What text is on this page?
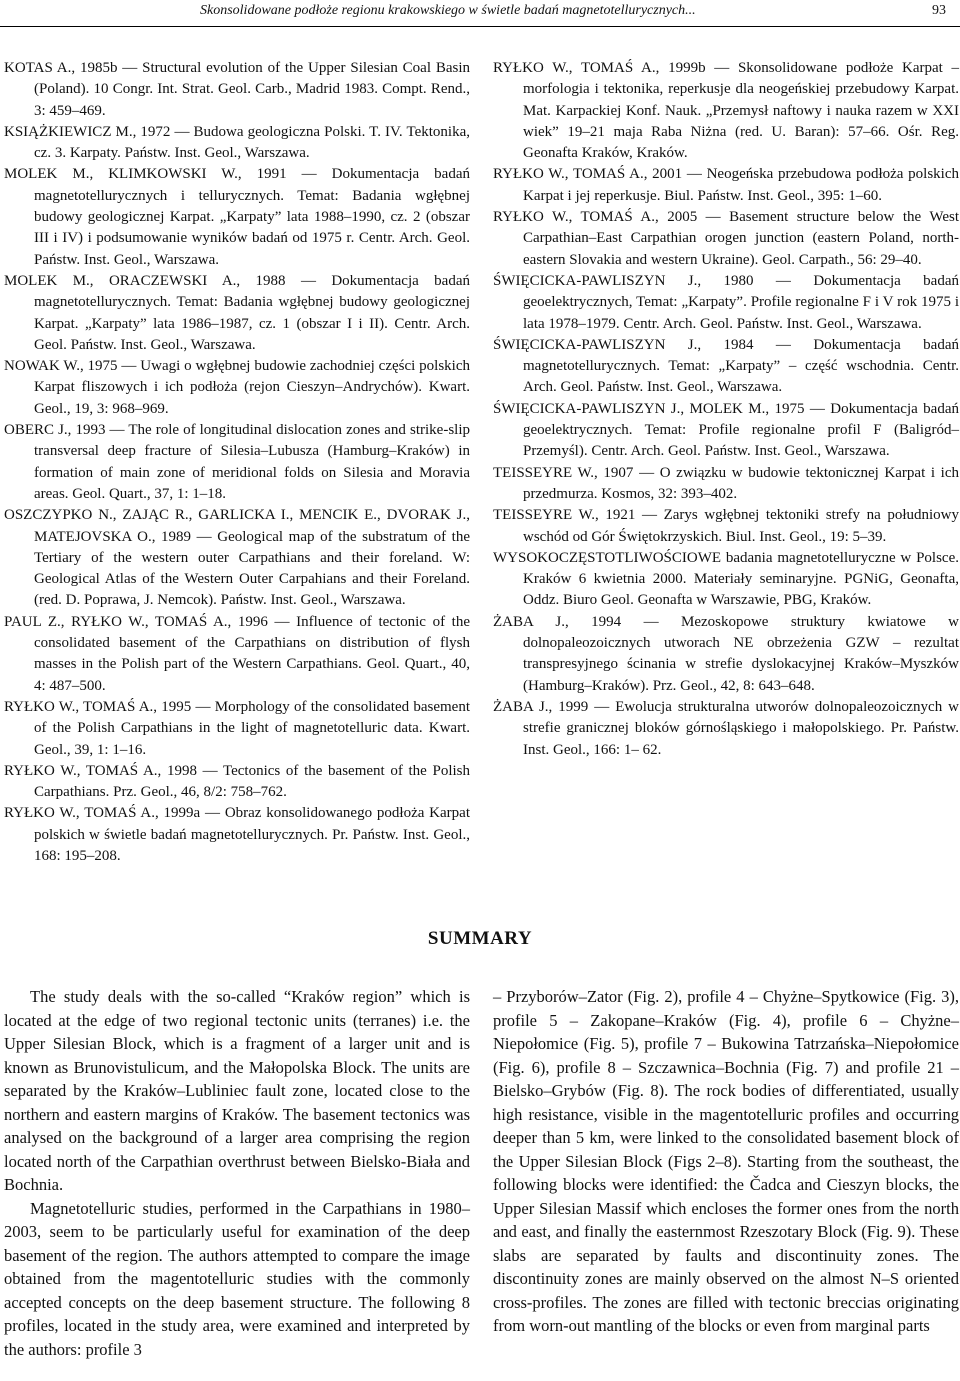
Skonsolidowane podłoże regionu krakowskiego w świetle badań magnetotellurycznych...	93

KOTAS A., 1985b — Structural evolution of the Upper Silesian Coal Basin (Poland). 10 Congr. Int. Strat. Geol. Carb., Madrid 1983. Compt. Rend., 3: 459–469.

KSIĄŻKIEWICZ M., 1972 — Budowa geologiczna Polski. T. IV. Tektonika, cz. 3. Karpaty. Państw. Inst. Geol., Warszawa.

MOLEK M., KLIMKOWSKI W., 1991 — Dokumentacja badań magnetotellurycznych i tellurycznych. Temat: Badania wgłębnej budowy geologicznej Karpat. „Karpaty” lata 1988–1990, cz. 2 (obszar III i IV) i podsumowanie wyników badań od 1975 r. Centr. Arch. Geol. Państw. Inst. Geol., Warszawa.

MOLEK M., ORACZEWSKI A., 1988 — Dokumentacja badań magnetotellurycznych. Temat: Badania wgłębnej budowy geologicznej Karpat. „Karpaty” lata 1986–1987, cz. 1 (obszar I i II). Centr. Arch. Geol. Państw. Inst. Geol., Warszawa.

NOWAK W., 1975 — Uwagi o wgłębnej budowie zachodniej części polskich Karpat fliszowych i ich podłoża (rejon Cieszyn–Andrychów). Kwart. Geol., 19, 3: 968–969.

OBERC J., 1993 — The role of longitudinal dislocation zones and strike-slip transversal deep fracture of Silesia–Lubusza (Hamburg–Kraków) in formation of main zone of meridional folds on Silesia and Moravia areas. Geol. Quart., 37, 1: 1–18.

OSZCZYPKO N., ZAJĄC R., GARLICKA I., MENCIK E., DVORAK J., MATEJOVSKA O., 1989 — Geological map of the substratum of the Tertiary of the western outer Carpathians and their foreland. W: Geological Atlas of the Western Outer Carpahians and their Foreland. (red. D. Poprawa, J. Nemcok). Państw. Inst. Geol., Warszawa.

PAUL Z., RYŁKO W., TOMAŚ A., 1996 — Influence of tectonic of the consolidated basement of the Carpathians on distribution of flysh masses in the Polish part of the Western Carpathians. Geol. Quart., 40, 4: 487–500.

RYŁKO W., TOMAŚ A., 1995 — Morphology of the consolidated basement of the Polish Carpathians in the light of magnetotelluric data. Kwart. Geol., 39, 1: 1–16.

RYŁKO W., TOMAŚ A., 1998 — Tectonics of the basement of the Polish Carpathians. Prz. Geol., 46, 8/2: 758–762.

RYŁKO W., TOMAŚ A., 1999a — Obraz konsolidowanego podłoża Karpat polskich w świetle badań magnetotellurycznych. Pr. Państw. Inst. Geol., 168: 195–208.

RYŁKO W., TOMAŚ A., 1999b — Skonsolidowane podłoże Karpat – morfologia i tektonika, reperkusje dla neogeńskiej przebudowy Karpat. Mat. Karpackiej Konf. Nauk. „Przemysł naftowy i nauka razem w XXI wiek” 19–21 maja Raba Niżna (red. U. Baran): 57–66. Ośr. Reg. Geonafta Kraków, Kraków.

RYŁKO W., TOMAŚ A., 2001 — Neogeńska przebudowa podłoża polskich Karpat i jej reperkusje. Biul. Państw. Inst. Geol., 395: 1–60.

RYŁKO W., TOMAŚ A., 2005 — Basement structure below the West Carpathian–East Carpathian orogen junction (eastern Poland, north-eastern Slovakia and western Ukraine). Geol. Carpath., 56: 29–40.

ŚWIĘCICKA-PAWLISZYN J., 1980 — Dokumentacja badań geoelektrycznych, Temat: „Karpaty”. Profile regionalne F i V rok 1975 i lata 1978–1979. Centr. Arch. Geol. Państw. Inst. Geol., Warszawa.

ŚWIĘCICKA-PAWLISZYN J., 1984 — Dokumentacja badań magnetotellurycznych. Temat: „Karpaty” – część wschodnia. Centr. Arch. Geol. Państw. Inst. Geol., Warszawa.

ŚWIĘCICKA-PAWLISZYN J., MOLEK M., 1975 — Dokumentacja badań geoelektrycznych. Temat: Profile regionalne profil F (Baligród–Przemyśl). Centr. Arch. Geol. Państw. Inst. Geol., Warszawa.

TEISSEYRE W., 1907 — O związku w budowie tektonicznej Karpat i ich przedmurza. Kosmos, 32: 393–402.

TEISSEYRE W., 1921 — Zarys wgłębnej tektoniki strefy na południowy wschód od Gór Świętokrzyskich. Biul. Inst. Geol., 19: 5–39.

WYSOKOCZĘSTOTLIWOŚCIOWE badania magnetotelluryczne w Polsce. Kraków 6 kwietnia 2000. Materiały seminaryjne. PGNiG, Geonafta, Oddz. Biuro Geol. Geonafta w Warszawie, PBG, Kraków.

ŻABA J., 1994 — Mezoskopowe struktury kwiatowe w dolnopaleozoicznych utworach NE obrzeżenia GZW – rezultat transpresyjnego ścinania w strefie dyslokacyjnej Kraków–Myszków (Hamburg–Kraków). Prz. Geol., 42, 8: 643–648.

ŻABA J., 1999 — Ewolucja strukturalna utworów dolnopaleozoicznych w strefie granicznej bloków górnośląskiego i małopolskiego. Pr. Państw. Inst. Geol., 166: 1– 62.

SUMMARY

The study deals with the so-called “Kraków region” which is located at the edge of two regional tectonic units (terranes) i.e. the Upper Silesian Block, which is a fragment of a larger unit and is known as Brunovistulicum, and the Małopolska Block. The units are separated by the Kraków–Lubliniec fault zone, located close to the northern and eastern margins of Kraków. The basement tectonics was analysed on the background of a larger area comprising the region located north of the Carpathian overthrust between Bielsko-Biała and Bochnia.

Magnetotelluric studies, performed in the Carpathians in 1980–2003, seem to be particularly useful for examination of the deep basement of the region. The authors attempted to compare the image obtained from the magentotelluric studies with the commonly accepted concepts on the deep basement structure. The following 8 profiles, located in the study area, were examined and interpreted by the authors: profile 3

– Przyborów–Zator (Fig. 2), profile 4 – Chyżne–Spytkowice (Fig. 3), profile 5 – Zakopane–Kraków (Fig. 4), profile 6 – Chyżne–Niepołomice (Fig. 5), profile 7 – Bukowina Tatrzańska–Niepołomice (Fig. 6), profile 8 – Szczawnica–Bochnia (Fig. 7) and profile 21 – Bielsko–Grybów (Fig. 8). The rock bodies of differentiated, usually high resistance, visible in the magentotelluric profiles and occurring deeper than 5 km, were linked to the consolidated basement block of the Upper Silesian Block (Figs 2–8). Starting from the southeast, the following blocks were identified: the Čadca and Cieszyn blocks, the Upper Silesian Massif which encloses the former ones from the north and east, and finally the easternmost Rzeszotary Block (Fig. 9). These slabs are separated by faults and discontinuity zones. The discontinuity zones are mainly observed on the almost N–S oriented cross-profiles. The zones are filled with tectonic breccias originating from worn-out mantling of the blocks or even from marginal parts
